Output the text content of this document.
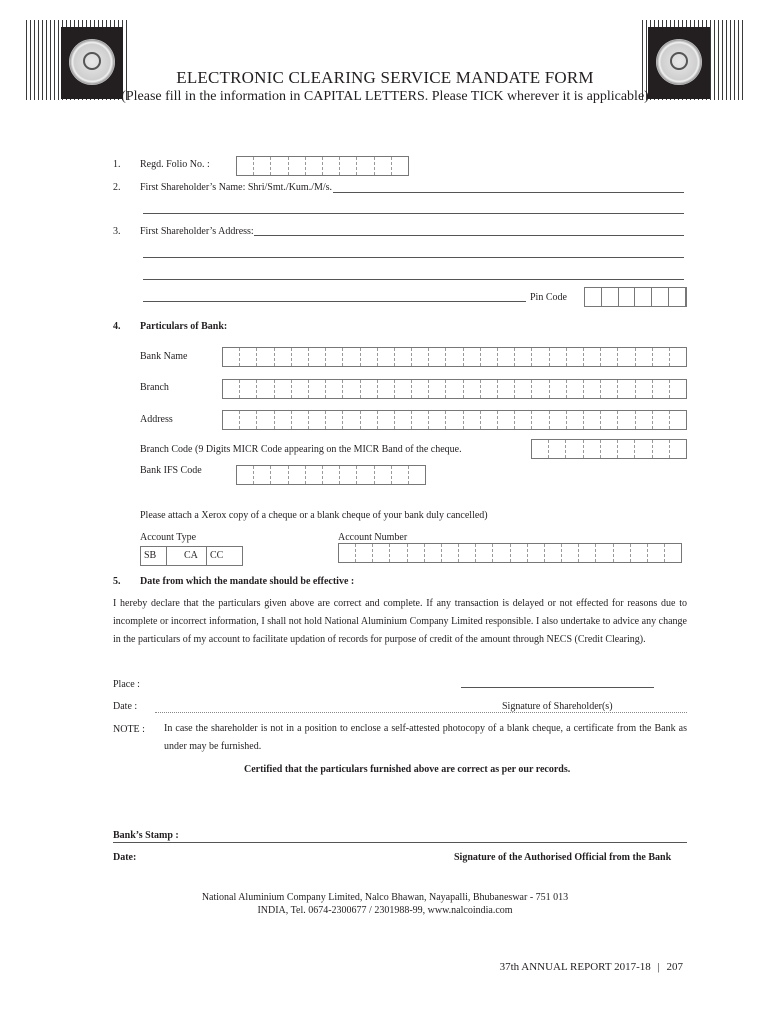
ELECTRONIC CLEARING SERVICE MANDATE FORM
(Please fill in the information in CAPITAL LETTERS. Please TICK wherever it is applicable)
1. Regd. Folio No. :
2. First Shareholder’s Name: Shri/Smt./Kum./M/s.
3. First Shareholder’s Address:
Pin Code
4. Particulars of Bank:
Bank Name
Branch
Address
Branch Code (9 Digits MICR Code appearing on the MICR Band of the cheque.
Bank IFS Code
Please attach a Xerox copy of a cheque or a blank cheque of your bank duly cancelled)
Account Type	Account Number
SB	CA	CC
5. Date from which the mandate should be effective :
I hereby declare that the particulars given above are correct and complete. If any transaction is delayed or not effected for reasons due to incomplete or incorrect information, I shall not hold National Aluminium Company Limited responsible. I also undertake to advice any change in the particulars of my account to facilitate updation of records for purpose of credit of the amount through NECS (Credit Clearing).
Place :
Date :	Signature of Shareholder(s)
NOTE : In case the shareholder is not in a position to enclose a self-attested photocopy of a blank cheque, a certificate from the Bank as under may be furnished.
Certified that the particulars furnished above are correct as per our records.
Bank’s Stamp :
Date:	Signature of the Authorised Official from the Bank
National Aluminium Company Limited, Nalco Bhawan, Nayapalli, Bhubaneswar - 751 013
INDIA, Tel. 0674-2300677 / 2301988-99, www.nalcoindia.com
37th ANNUAL REPORT 2017-18 | 207
